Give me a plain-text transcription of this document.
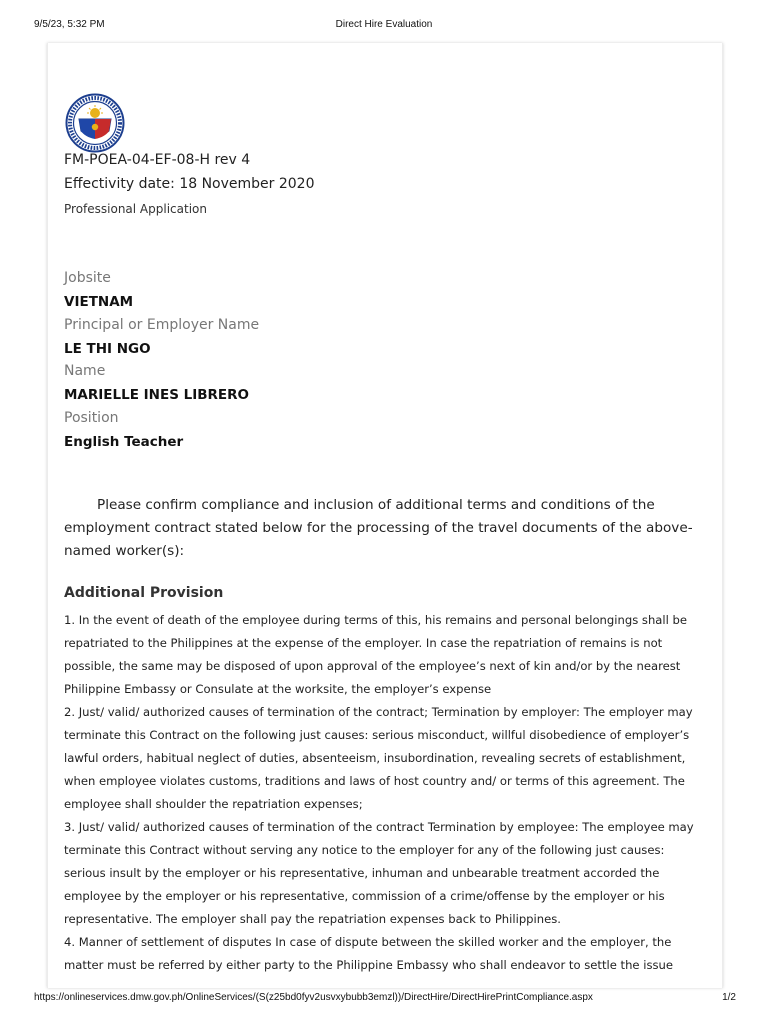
9/5/23, 5:32 PM	Direct Hire Evaluation
FM-POEA-04-EF-08-H rev 4
Effectivity date: 18 November 2020
Professional Application
Jobsite
VIETNAM
Principal or Employer Name
LE THI NGO
Name
MARIELLE INES LIBRERO
Position
English Teacher
Please confirm compliance and inclusion of additional terms and conditions of the employment contract stated below for the processing of the travel documents of the above-named worker(s):
Additional Provision

1. In the event of death of the employee during terms of this, his remains and personal belongings shall be repatriated to the Philippines at the expense of the employer. In case the repatriation of remains is not possible, the same may be disposed of upon approval of the employee’s next of kin and/or by the nearest Philippine Embassy or Consulate at the worksite, the employer’s expense

2. Just/ valid/ authorized causes of termination of the contract; Termination by employer: The employer may terminate this Contract on the following just causes: serious misconduct, willful disobedience of employer’s lawful orders, habitual neglect of duties, absenteeism, insubordination, revealing secrets of establishment, when employee violates customs, traditions and laws of host country and/ or terms of this agreement. The employee shall shoulder the repatriation expenses;

3. Just/ valid/ authorized causes of termination of the contract Termination by employee: The employee may terminate this Contract without serving any notice to the employer for any of the following just causes: serious insult by the employer or his representative, inhuman and unbearable treatment accorded the employee by the employer or his representative, commission of a crime/offense by the employer or his representative. The employer shall pay the repatriation expenses back to Philippines.

4. Manner of settlement of disputes In case of dispute between the skilled worker and the employer, the matter must be referred by either party to the Philippine Embassy who shall endeavor to settle the issue

https://onlineservices.dmw.gov.ph/OnlineServices/(S(z25bd0fyv2usvxybubb3emzl))/DirectHire/DirectHirePrintCompliance.aspx	1/2
